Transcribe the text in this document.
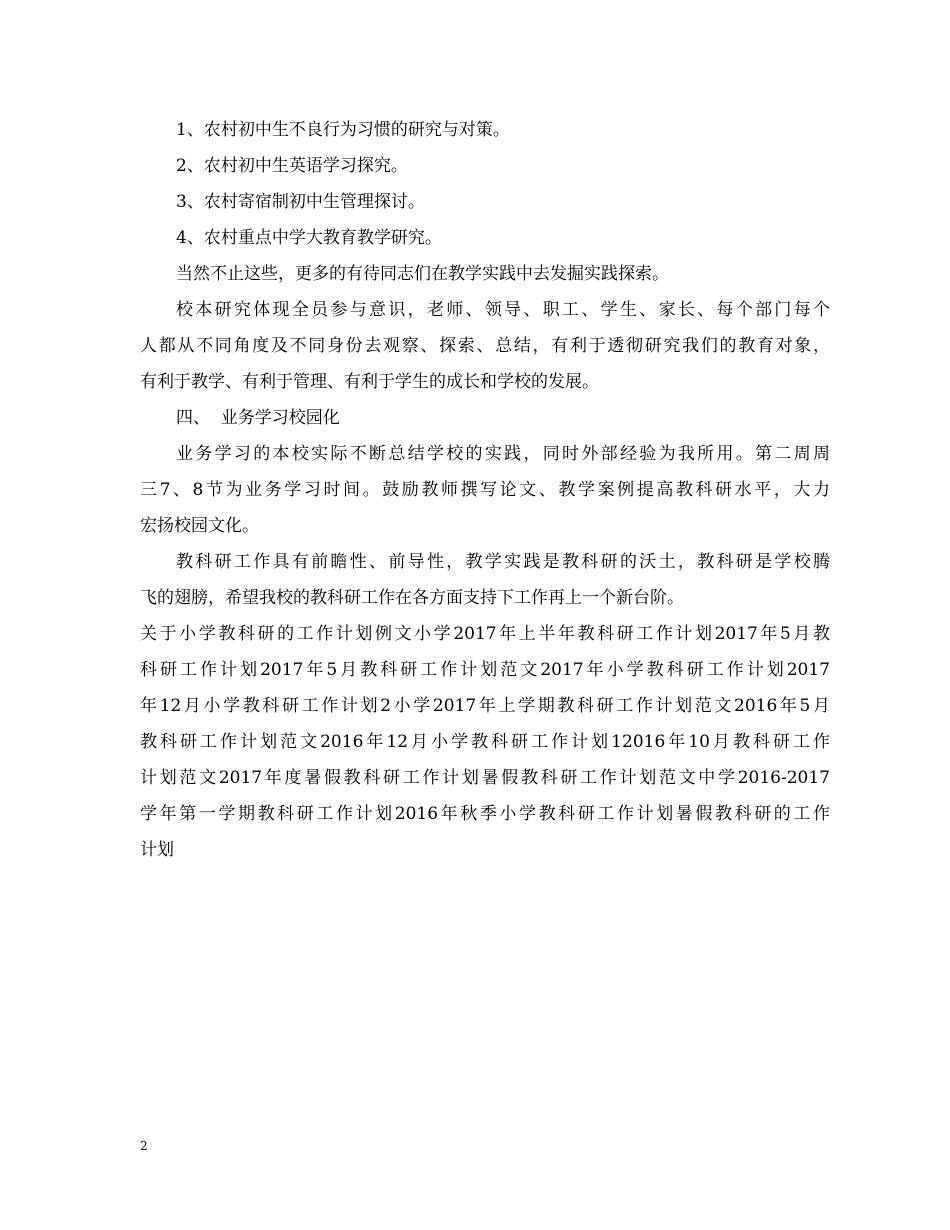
1、农村初中生不良行为习惯的研究与对策。

2、农村初中生英语学习探究。

3、农村寄宿制初中生管理探讨。

4、农村重点中学大教育教学研究。

当然不止这些，更多的有待同志们在教学实践中去发掘实践探索。

校本研究体现全员参与意识，老师、领导、职工、学生、家长、每个部门每个

人都从不同角度及不同身份去观察、探索、总结，有利于透彻研究我们的教育对象，

有利于教学、有利于管理、有利于学生的成长和学校的发展。

四、  业务学习校园化

业务学习的本校实际不断总结学校的实践，同时外部经验为我所用。第二周周

三7、8节为业务学习时间。鼓励教师撰写论文、教学案例提高教科研水平，大力

宏扬校园文化。

教科研工作具有前瞻性、前导性，教学实践是教科研的沃土，教科研是学校腾

飞的翅膀，希望我校的教科研工作在各方面支持下工作再上一个新台阶。

关于小学教科研的工作计划例文小学2017年上半年教科研工作计划2017年5月教

科研工作计划2017年5月教科研工作计划范文2017年小学教科研工作计划2017

年12月小学教科研工作计划2小学2017年上学期教科研工作计划范文2016年5月

教科研工作计划范文2016年12月小学教科研工作计划12016年10月教科研工作

计划范文2017年度暑假教科研工作计划暑假教科研工作计划范文中学2016-2017

学年第一学期教科研工作计划2016年秋季小学教科研工作计划暑假教科研的工作

计划

2
